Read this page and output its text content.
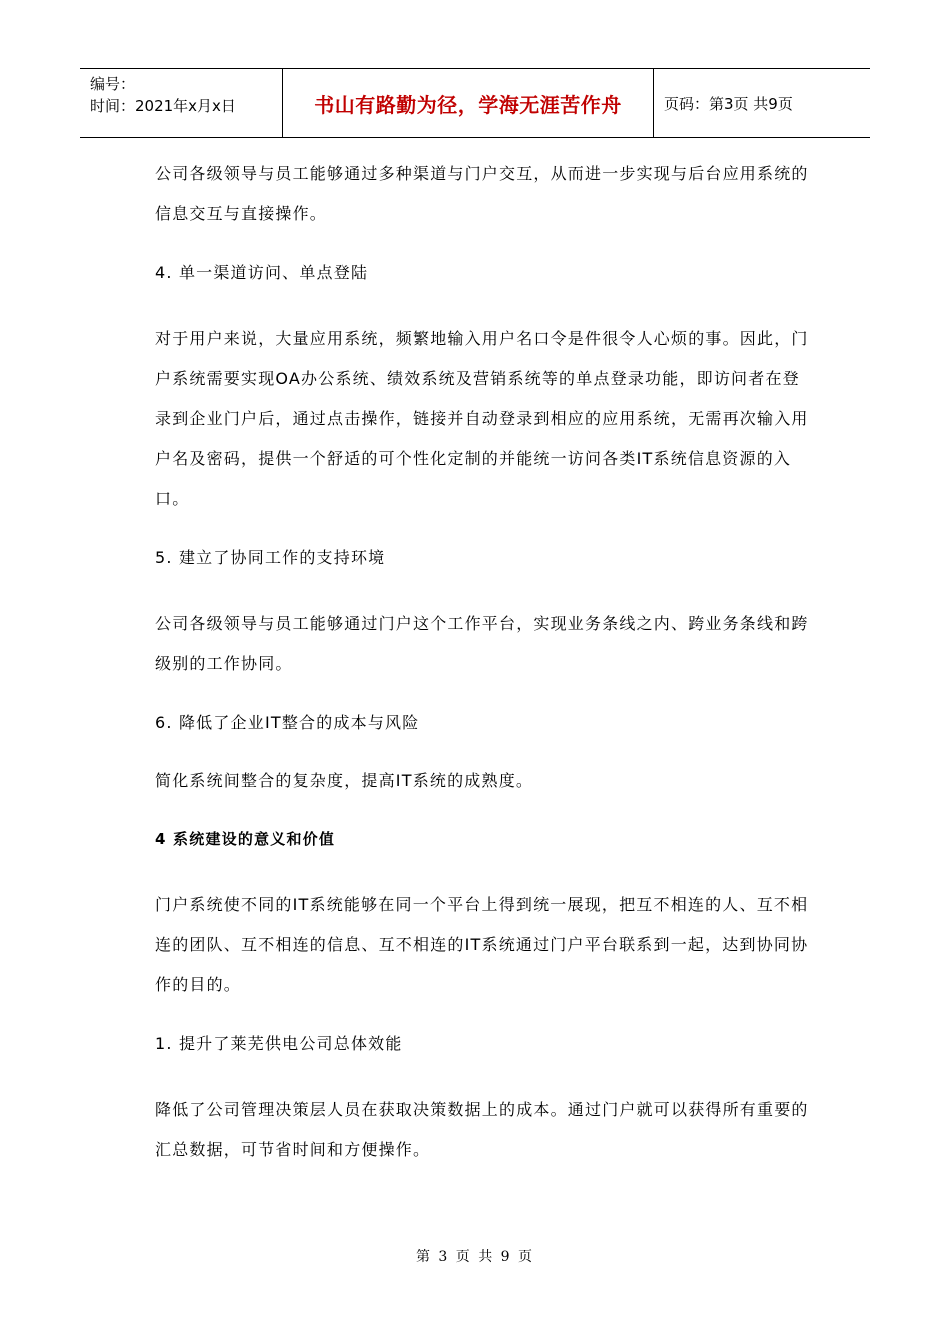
编号：
时间：2021年x月x日	书山有路勤为径，学海无涯苦作舟	页码：第3页 共9页

公司各级领导与员工能够通过多种渠道与门户交互，从而进一步实现与后台应用系统的信息交互与直接操作。

4. 单一渠道访问、单点登陆

对于用户来说，大量应用系统，频繁地输入用户名口令是件很令人心烦的事。因此，门户系统需要实现OA办公系统、绩效系统及营销系统等的单点登录功能，即访问者在登录到企业门户后，通过点击操作，链接并自动登录到相应的应用系统，无需再次输入用户名及密码，提供一个舒适的可个性化定制的并能统一访问各类IT系统信息资源的入口。

5. 建立了协同工作的支持环境

公司各级领导与员工能够通过门户这个工作平台，实现业务条线之内、跨业务条线和跨级别的工作协同。

6. 降低了企业IT整合的成本与风险

简化系统间整合的复杂度，提高IT系统的成熟度。

4 系统建设的意义和价值

门户系统使不同的IT系统能够在同一个平台上得到统一展现，把互不相连的人、互不相连的团队、互不相连的信息、互不相连的IT系统通过门户平台联系到一起，达到协同协作的目的。

1. 提升了莱芜供电公司总体效能

降低了公司管理决策层人员在获取决策数据上的成本。通过门户就可以获得所有重要的汇总数据，可节省时间和方便操作。

第 3 页 共 9 页
